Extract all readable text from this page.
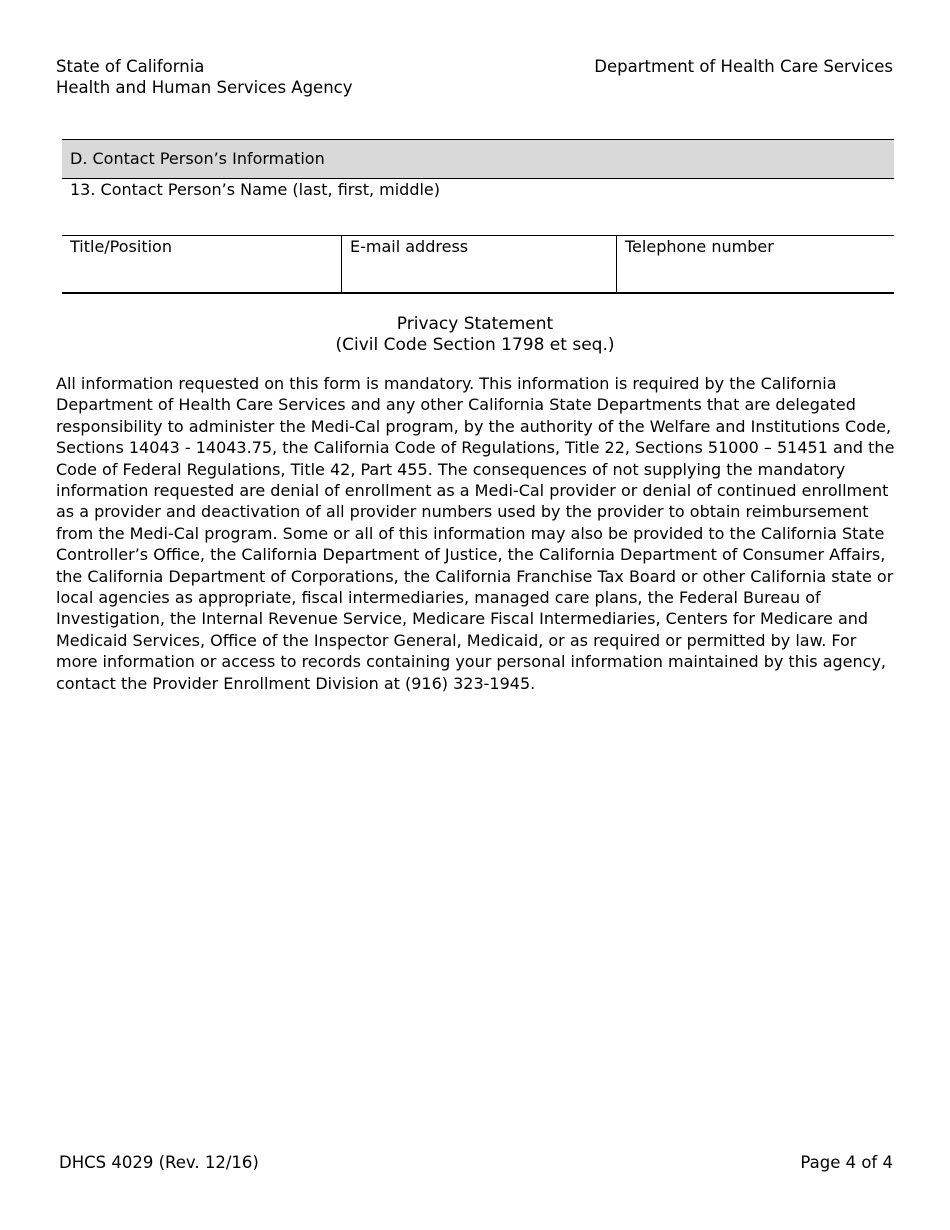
State of California
Health and Human Services Agency
Department of Health Care Services
D. Contact Person’s Information
13. Contact Person’s Name (last, first, middle)
Title/Position	E-mail address	Telephone number
Privacy Statement
(Civil Code Section 1798 et seq.)
All information requested on this form is mandatory. This information is required by the California Department of Health Care Services and any other California State Departments that are delegated responsibility to administer the Medi-Cal program, by the authority of the Welfare and Institutions Code, Sections 14043 - 14043.75, the California Code of Regulations, Title 22, Sections 51000 – 51451 and the Code of Federal Regulations, Title 42, Part 455. The consequences of not supplying the mandatory information requested are denial of enrollment as a Medi-Cal provider or denial of continued enrollment as a provider and deactivation of all provider numbers used by the provider to obtain reimbursement from the Medi-Cal program. Some or all of this information may also be provided to the California State Controller’s Office, the California Department of Justice, the California Department of Consumer Affairs, the California Department of Corporations, the California Franchise Tax Board or other California state or local agencies as appropriate, fiscal intermediaries, managed care plans, the Federal Bureau of Investigation, the Internal Revenue Service, Medicare Fiscal Intermediaries, Centers for Medicare and Medicaid Services, Office of the Inspector General, Medicaid, or as required or permitted by law. For more information or access to records containing your personal information maintained by this agency, contact the Provider Enrollment Division at (916) 323-1945.
DHCS 4029 (Rev. 12/16)	Page 4 of 4
